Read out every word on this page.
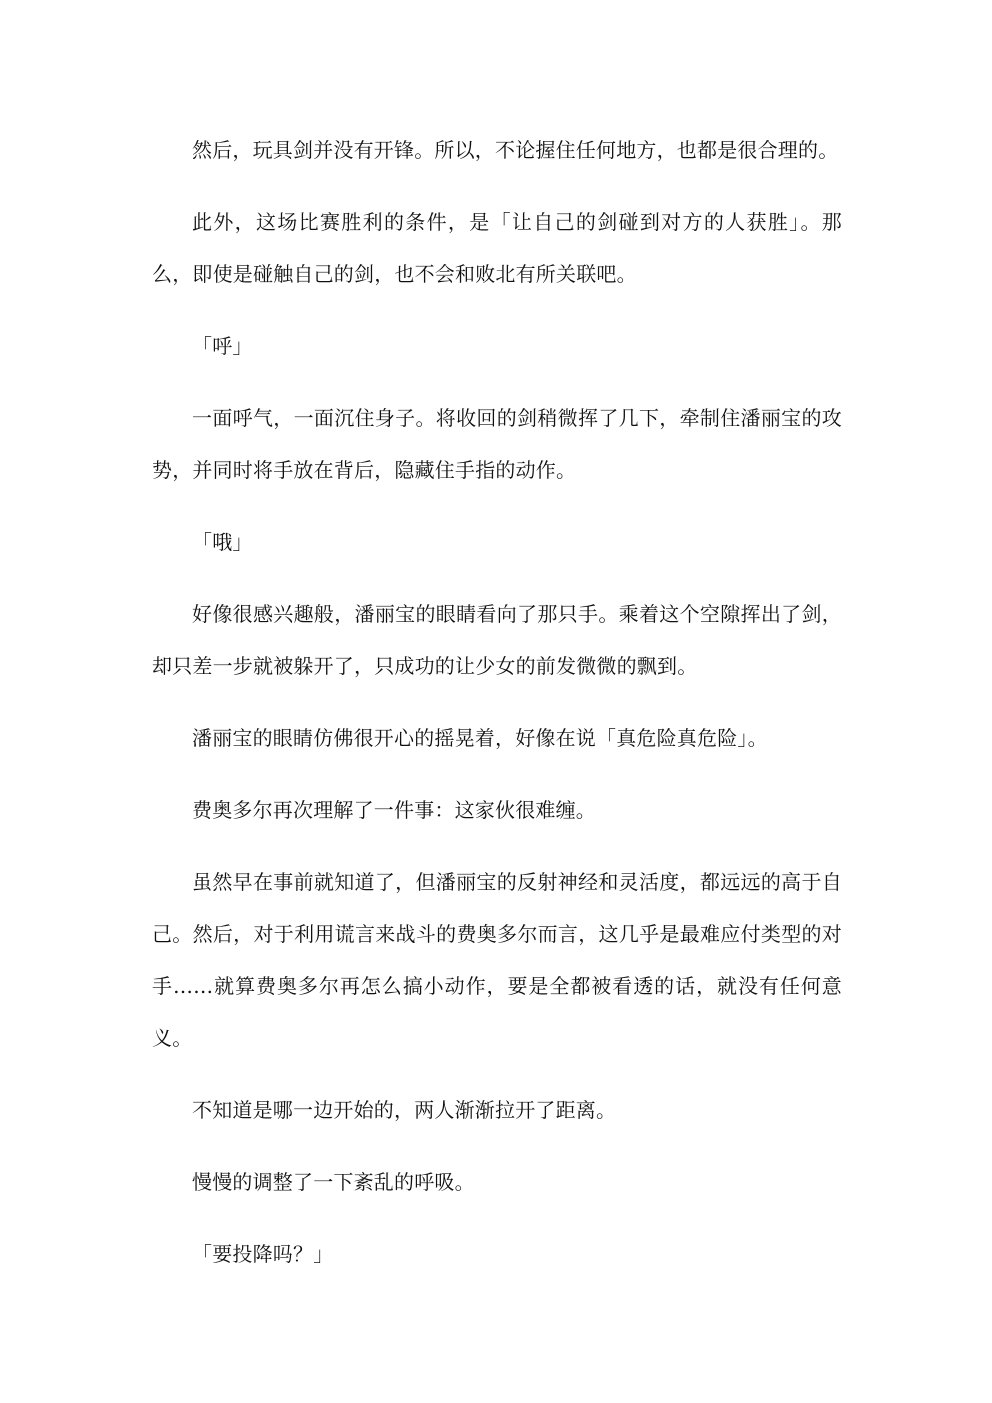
然后，玩具剑并没有开锋。所以，不论握住任何地方，也都是很合理的。

此外，这场比赛胜利的条件，是「让自己的剑碰到对方的人获胜」。那么，即使是碰触自己的剑，也不会和败北有所关联吧。

「呼」

一面呼气，一面沉住身子。将收回的剑稍微挥了几下，牵制住潘丽宝的攻势，并同时将手放在背后，隐藏住手指的动作。

「哦」

好像很感兴趣般，潘丽宝的眼睛看向了那只手。乘着这个空隙挥出了剑，却只差一步就被躲开了，只成功的让少女的前发微微的飘到。

潘丽宝的眼睛仿佛很开心的摇晃着，好像在说「真危险真危险」。

费奥多尔再次理解了一件事：这家伙很难缠。

虽然早在事前就知道了，但潘丽宝的反射神经和灵活度，都远远的高于自己。然后，对于利用谎言来战斗的费奥多尔而言，这几乎是最难应付类型的对手……就算费奥多尔再怎么搞小动作，要是全都被看透的话，就没有任何意义。

不知道是哪一边开始的，两人渐渐拉开了距离。

慢慢的调整了一下紊乱的呼吸。

「要投降吗？」
